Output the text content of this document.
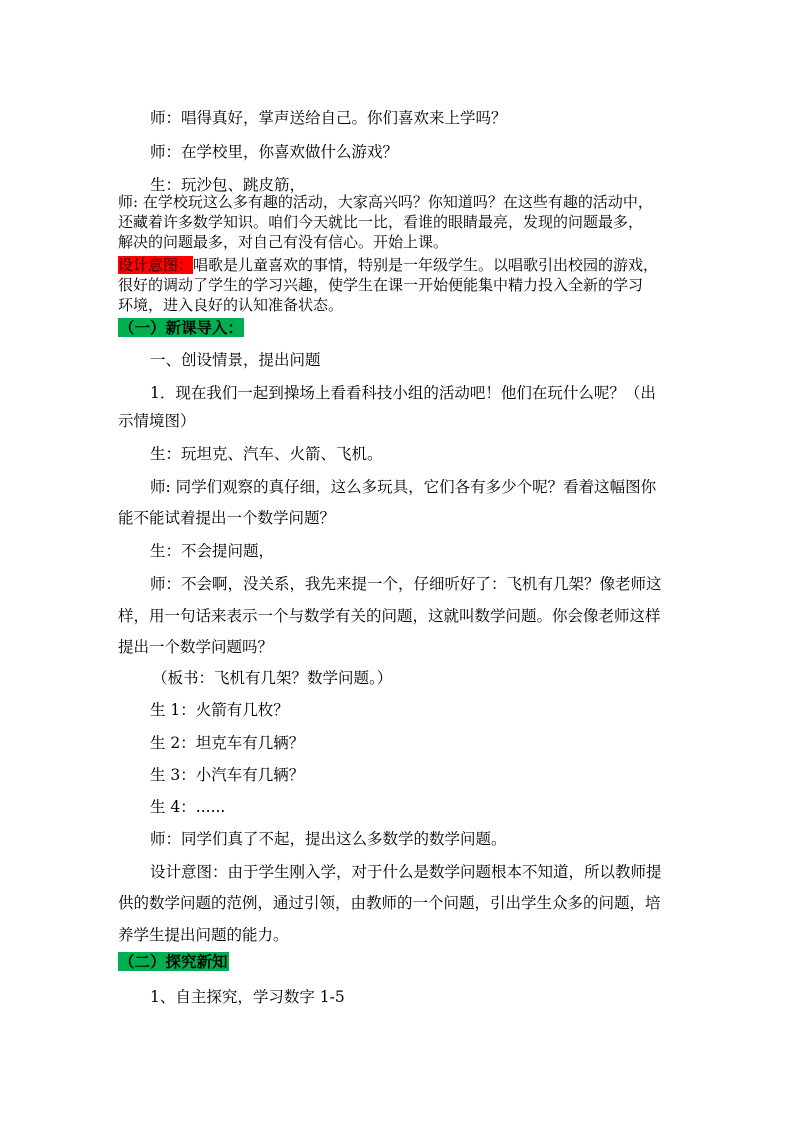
师：唱得真好，掌声送给自己。你们喜欢来上学吗？
师：在学校里，你喜欢做什么游戏？
生：玩沙包、跳皮筋，
师: 在学校玩这么多有趣的活动，大家高兴吗？你知道吗？在这些有趣的活动中，
还藏着许多数学知识。咱们今天就比一比，看谁的眼睛最亮，发现的问题最多，
解决的问题最多，对自己有没有信心。开始上课。
设计意图：唱歌是儿童喜欢的事情，特别是一年级学生。以唱歌引出校园的游戏，
很好的调动了学生的学习兴趣，使学生在课一开始便能集中精力投入全新的学习
环境，进入良好的认知准备状态。
（一）新课导入：
一、创设情景，提出问题
1．现在我们一起到操场上看看科技小组的活动吧！他们在玩什么呢？（出
示情境图）
生：玩坦克、汽车、火箭、飞机。
师: 同学们观察的真仔细，这么多玩具，它们各有多少个呢？看着这幅图你
能不能试着提出一个数学问题？
生：不会提问题，
师：不会啊，没关系，我先来提一个，仔细听好了：飞机有几架？像老师这
样，用一句话来表示一个与数学有关的问题，这就叫数学问题。你会像老师这样
提出一个数学问题吗？
（板书：飞机有几架？数学问题。）
生 1：火箭有几枚？
生 2：坦克车有几辆？
生 3：小汽车有几辆？
生 4：......
师：同学们真了不起，提出这么多数学的数学问题。
设计意图：由于学生刚入学，对于什么是数学问题根本不知道，所以教师提
供的数学问题的范例，通过引领，由教师的一个问题，引出学生众多的问题，培
养学生提出问题的能力。
（二）探究新知
1、自主探究，学习数字 1-5
